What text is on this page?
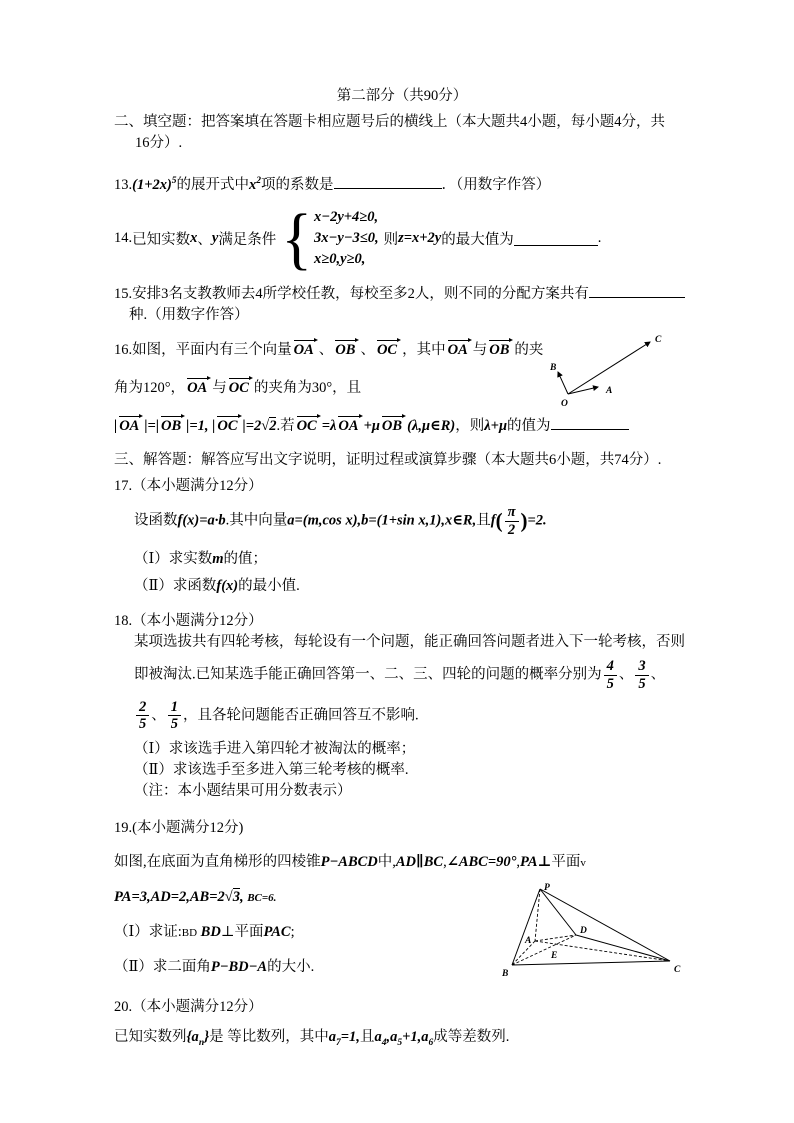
第二部分（共90分）
二、填空题：把答案填在答题卡相应题号后的横线上（本大题共4小题，每小题4分，共
16分）.
$13.(1+2x)^5$的展开式中$x^2$项的系数是	．（用数字作答）
14. 已知实数 x 、 y 满足条件 { x−2y+4≥0,
3x−y−3≤0,
x≥0,y≥0,
则 z=x+2y 的最大值为	.
15.安排3名支教教师去4所学校任教，每校至多2人，则不同的分配方案共有
种.（用数字作答）
O
A
B
C
16.如图，平面内有三个向量 OA 、 OB 、 OC ，其中 OA 与 OB 的夹
角为120°， OA 与 OC 的夹角为30°，且
| OA |=| OB |=1, | OC |=2√2.若 OC =λ OA +μ OB (λ,μ∈R)，则λ+μ的值为
三、解答题：解答应写出文字说明，证明过程或演算步骤（本大题共6小题，共74分）.
17.（本小题满分12分）
设函数f(x)=a·b.其中向量a=(m,cos x),b=(1+sin x,1),x∈R,且$f( \frac{\pi}{2} )=2$.
（Ⅰ）求实数m的值；
（Ⅱ）求函数f(x)的最小值.
18.（本小题满分12分）
某项选拔共有四轮考核，每轮设有一个问题，能正确回答问题者进入下一轮考核，否则
即被淘汰.已知某选手能正确回答第一、二、三、四轮的问题的概率分别为 $\frac{4}{5}$ 、 $\frac{3}{5}$ 、
$\frac{2}{5}$ 、 $\frac{1}{5}$ ，且各轮问题能否正确回答互不影响.
（Ⅰ）求该选手进入第四轮才被淘汰的概率；
（Ⅱ）求该选手至多进入第三轮考核的概率.
（注：本小题结果可用分数表示）
19.(本小题满分12分)
如图,在底面为直角梯形的四棱锥P−ABCD中,AD∥BC,∠ABC=90°,PA⊥平面v
P
A
D
E
B	C
PA=3,AD=2,AB=2√3, BC=6.
（Ⅰ）求证:BD BD⊥平面PAC;
（Ⅱ）求二面角P−BD−A的大小.
20.（本小题满分12分）
已知实数列$\{a_n\}$是 等比数列，其中$a_7=1$,且$a_4,a_5+1,a_6$成等差数列.
